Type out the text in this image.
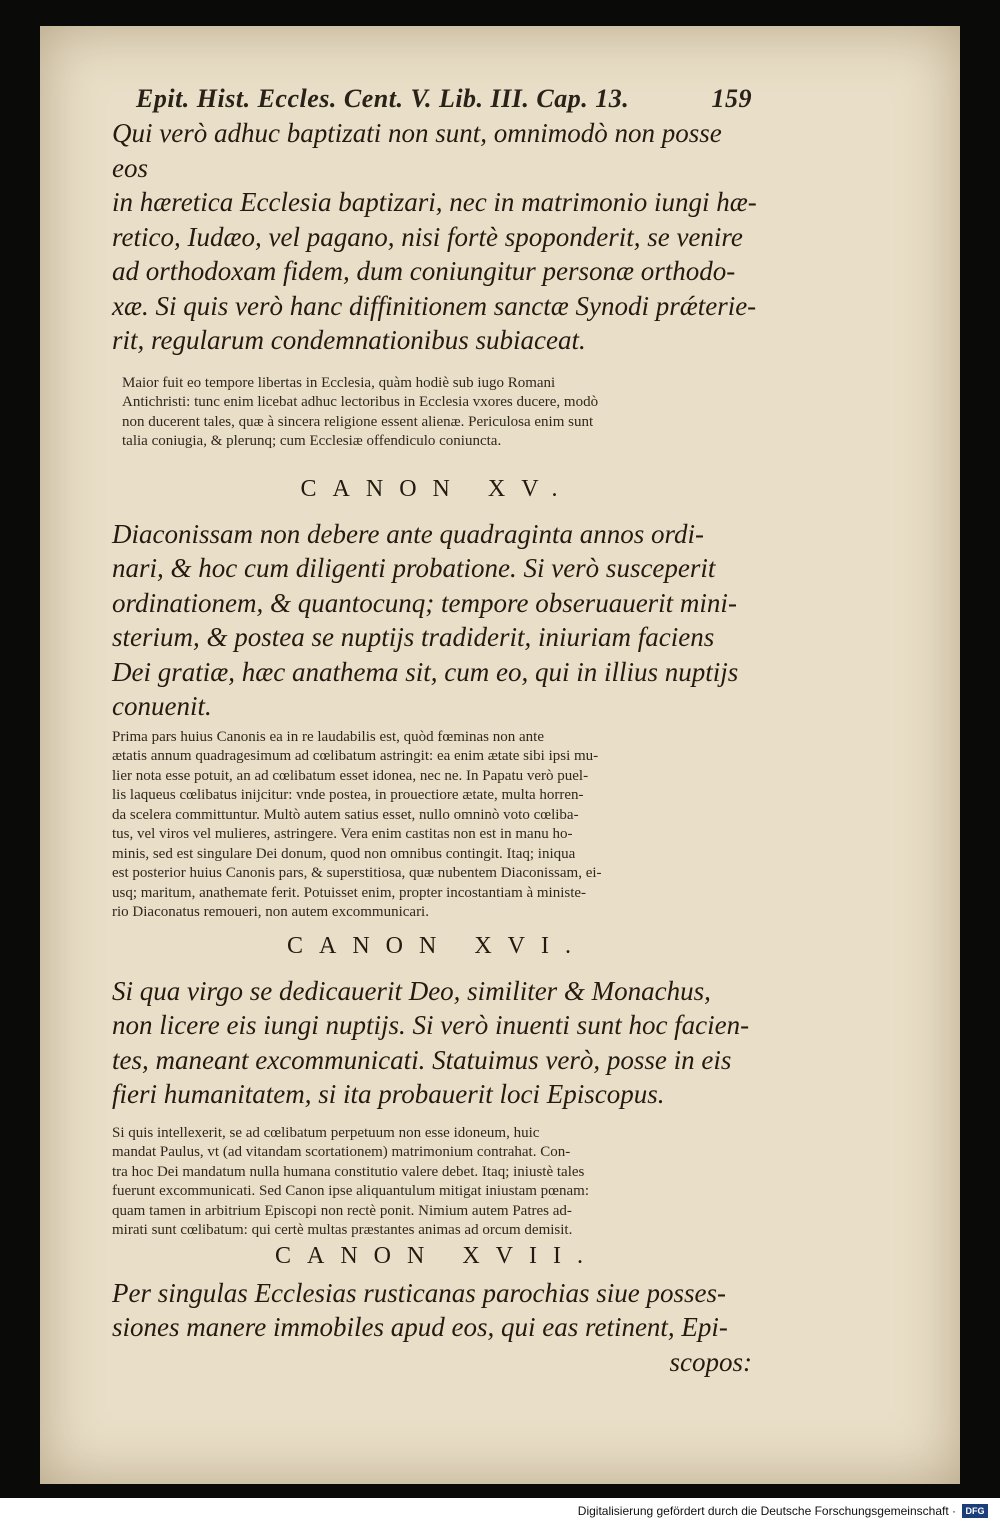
Epit. Hist. Eccles. Cent. V. Lib. III. Cap. 13.	159

Qui verò adhuc baptizati non sunt, omnimodò non posse eos
in hæretica Ecclesia baptizari, nec in matrimonio iungi hæ-
retico, Iudæo, vel pagano, nisi fortè spoponderit, se venire
ad orthodoxam fidem, dum coniungitur personæ orthodo-
xæ. Si quis verò hanc diffinitionem sanctæ Synodi prǽterie-
rit, regularum condemnationibus subiaceat.

Maior fuit eo tempore libertas in Ecclesia, quàm hodiè sub iugo Romani
Antichristi: tunc enim licebat adhuc lectoribus in Ecclesia vxores ducere, modò
non ducerent tales, quæ à sincera religione essent alienæ. Periculosa enim sunt
talia coniugia, & plerunq; cum Ecclesiæ offendiculo coniuncta.

CANON XV.

Diaconissam non debere ante quadraginta annos ordi-
nari, & hoc cum diligenti probatione. Si verò susceperit
ordinationem, & quantocunq; tempore obseruauerit mini-
sterium, & postea se nuptijs tradiderit, iniuriam faciens
Dei gratiæ, hæc anathema sit, cum eo, qui in illius nuptijs
conuenit.

Prima pars huius Canonis ea in re laudabilis est, quòd fœminas non ante
ætatis annum quadragesimum ad cœlibatum astringit: ea enim ætate sibi ipsi mu-
lier nota esse potuit, an ad cœlibatum esset idonea, nec ne. In Papatu verò puel-
lis laqueus cœlibatus inijcitur: vnde postea, in prouectiore ætate, multa horren-
da scelera committuntur. Multò autem satius esset, nullo omninò voto cœliba-
tus, vel viros vel mulieres, astringere. Vera enim castitas non est in manu ho-
minis, sed est singulare Dei donum, quod non omnibus contingit. Itaq; iniqua
est posterior huius Canonis pars, & superstitiosa, quæ nubentem Diaconissam, ei-
usq; maritum, anathemate ferit. Potuisset enim, propter incostantiam à ministe-
rio Diaconatus remoueri, non autem excommunicari.

CANON XVI.

Si qua virgo se dedicauerit Deo, similiter & Monachus,
non licere eis iungi nuptijs. Si verò inuenti sunt hoc facien-
tes, maneant excommunicati. Statuimus verò, posse in eis
fieri humanitatem, si ita probauerit loci Episcopus.

Si quis intellexerit, se ad cœlibatum perpetuum non esse idoneum, huic
mandat Paulus, vt (ad vitandam scortationem) matrimonium contrahat. Con-
tra hoc Dei mandatum nulla humana constitutio valere debet. Itaq; iniustè tales
fuerunt excommunicati. Sed Canon ipse aliquantulum mitigat iniustam pœnam:
quam tamen in arbitrium Episcopi non rectè ponit. Nimium autem Patres ad-
mirati sunt cœlibatum: qui certè multas præstantes animas ad orcum demisit.

CANON XVII.

Per singulas Ecclesias rusticanas parochias siue posses-
siones manere immobiles apud eos, qui eas retinent, Epi-

scopos:

Digitalisierung gefördert durch die Deutsche Forschungsgemeinschaft ·	DFG
